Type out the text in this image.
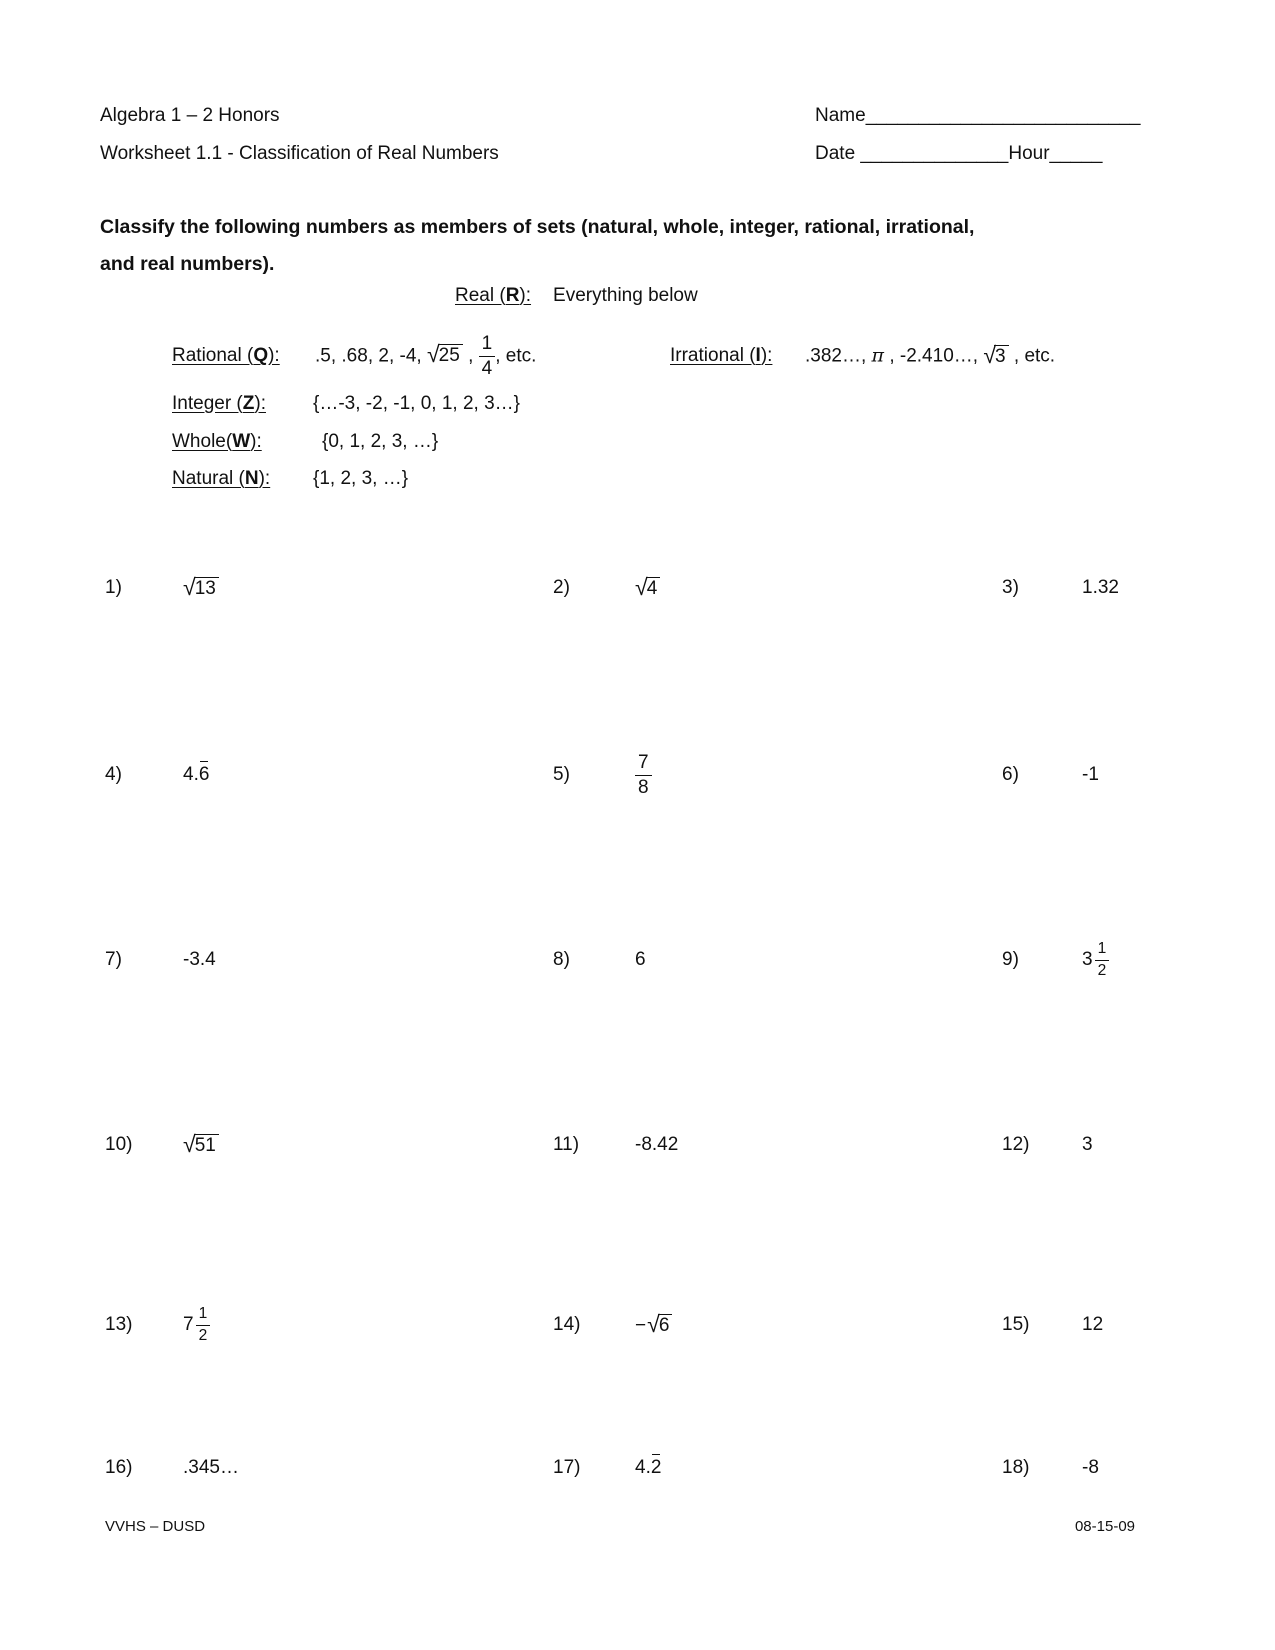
Algebra 1 – 2 Honors
Worksheet 1.1 - Classification of Real Numbers
Name__________________________
Date ______________Hour_____
Classify the following numbers as members of sets (natural, whole, integer, rational, irrational,
and real numbers).
Real (R): Everything below
Rational (Q):	.5, .68, 2, -4, √25 , $\frac{1}{4}$ , etc.	Irrational (I):	.382…, π , -2.410…, √3 , etc.
Integer (Z): {…-3, -2, -1, 0, 1, 2, 3…}
Whole(W):	{0, 1, 2, 3, …}
Natural (N): {1, 2, 3, …}
1)	√13	2)	√4	3)	1.32
4)	4.6	5)	$\frac{7}{8}$	6)	-1
7)	-3.4	8)	6	9)	$3 \frac{1}{2}$
10)	√51	11)	-8.42	12)	3
13)	$7 \frac{1}{2}$	14)	−√6	15)	12
16)	.345…	17)	4.2	18)	-8
VVHS – DUSD	08-15-09
